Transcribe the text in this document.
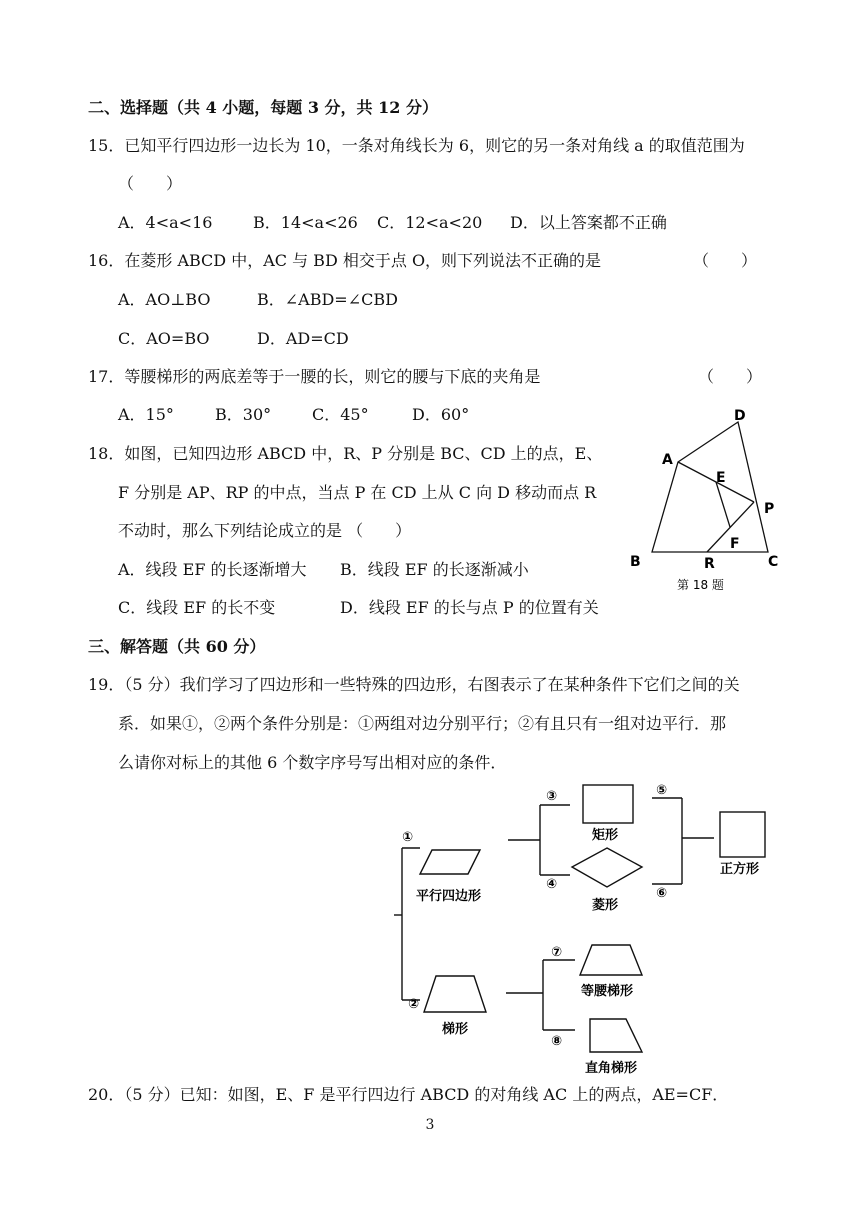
二、选择题（共 4 小题，每题 3 分，共 12 分）
15．已知平行四边形一边长为 10，一条对角线长为 6，则它的另一条对角线 a 的取值范围为
（　　）
A．4<a<16	B．14<a<26 C．12<a<20 D．以上答案都不正确
16．在菱形 ABCD 中，AC 与 BD 相交于点 O，则下列说法不正确的是	（　　）
A．AO⊥BO	B．∠ABD=∠CBD
C．AO=BO	D．AD=CD
17．等腰梯形的两底差等于一腰的长，则它的腰与下底的夹角是	（　　）
A．15°	B．30°	C．45°	D．60°
18．如图，已知四边形 ABCD 中，R、P 分别是 BC、CD 上的点，E、
F 分别是 AP、RP 的中点，当点 P 在 CD 上从 C 向 D 移动而点 R
不动时，那么下列结论成立的是 （　　）
A．线段 EF 的长逐渐增大 B．线段 EF 的长逐渐减小
C．线段 EF 的长不变	D．线段 EF 的长与点 P 的位置有关
D
A
E
P
F
B	R	C
第 18 题
三、解答题（共 60 分）
19．（5 分）我们学习了四边形和一些特殊的四边形，右图表示了在某种条件下它们之间的关
系．如果①，②两个条件分别是：①两组对边分别平行；②有且只有一组对边平行．那
么请你对标上的其他 6 个数字序号写出相对应的条件．
①
②
③
④
⑤
⑥
⑦
⑧
平行四边形
矩形
菱形
正方形
梯形
等腰梯形
直角梯形
20．（5 分）已知：如图，E、F 是平行四边行 ABCD 的对角线 AC 上的两点，AE=CF．
3
